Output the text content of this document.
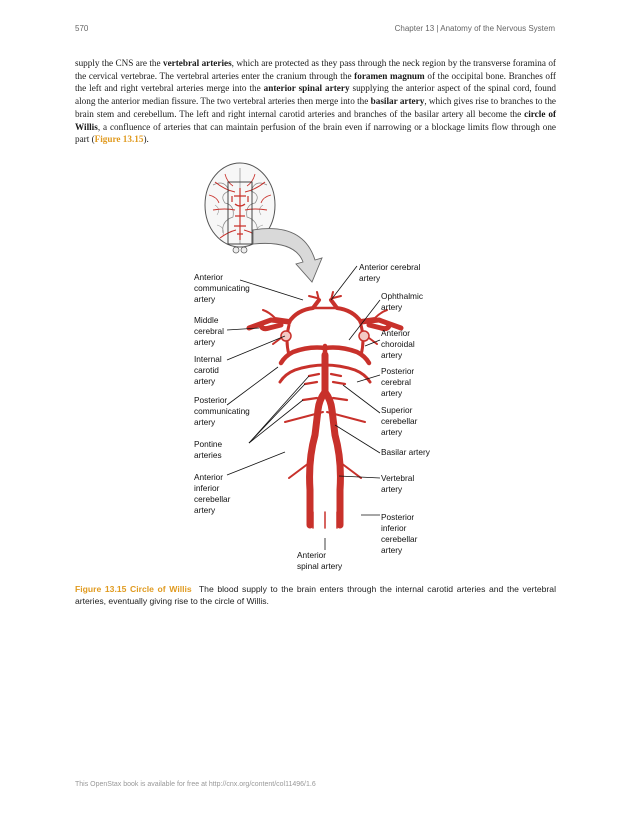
570	Chapter 13 | Anatomy of the Nervous System
supply the CNS are the vertebral arteries, which are protected as they pass through the neck region by the transverse foramina of the cervical vertebrae. The vertebral arteries enter the cranium through the foramen magnum of the occipital bone. Branches off the left and right vertebral arteries merge into the anterior spinal artery supplying the anterior aspect of the spinal cord, found along the anterior median fissure. The two vertebral arteries then merge into the basilar artery, which gives rise to branches to the brain stem and cerebellum. The left and right internal carotid arteries and branches of the basilar artery all become the circle of Willis, a confluence of arteries that can maintain perfusion of the brain even if narrowing or a blockage limits flow through one part (Figure 13.15).
Anterior communicating artery
Middle cerebral artery
Internal carotid artery
Posterior communicating artery
Pontine arteries
Anterior inferior cerebellar artery
Anterior cerebral artery
Ophthalmic artery
Anterior choroidal artery
Posterior cerebral artery
Superior cerebellar artery
Basilar artery
Vertebral artery
Posterior inferior cerebellar artery
Anterior spinal artery
Figure 13.15 Circle of Willis The blood supply to the brain enters through the internal carotid arteries and the vertebral arteries, eventually giving rise to the circle of Willis.
This OpenStax book is available for free at http://cnx.org/content/col11496/1.6
